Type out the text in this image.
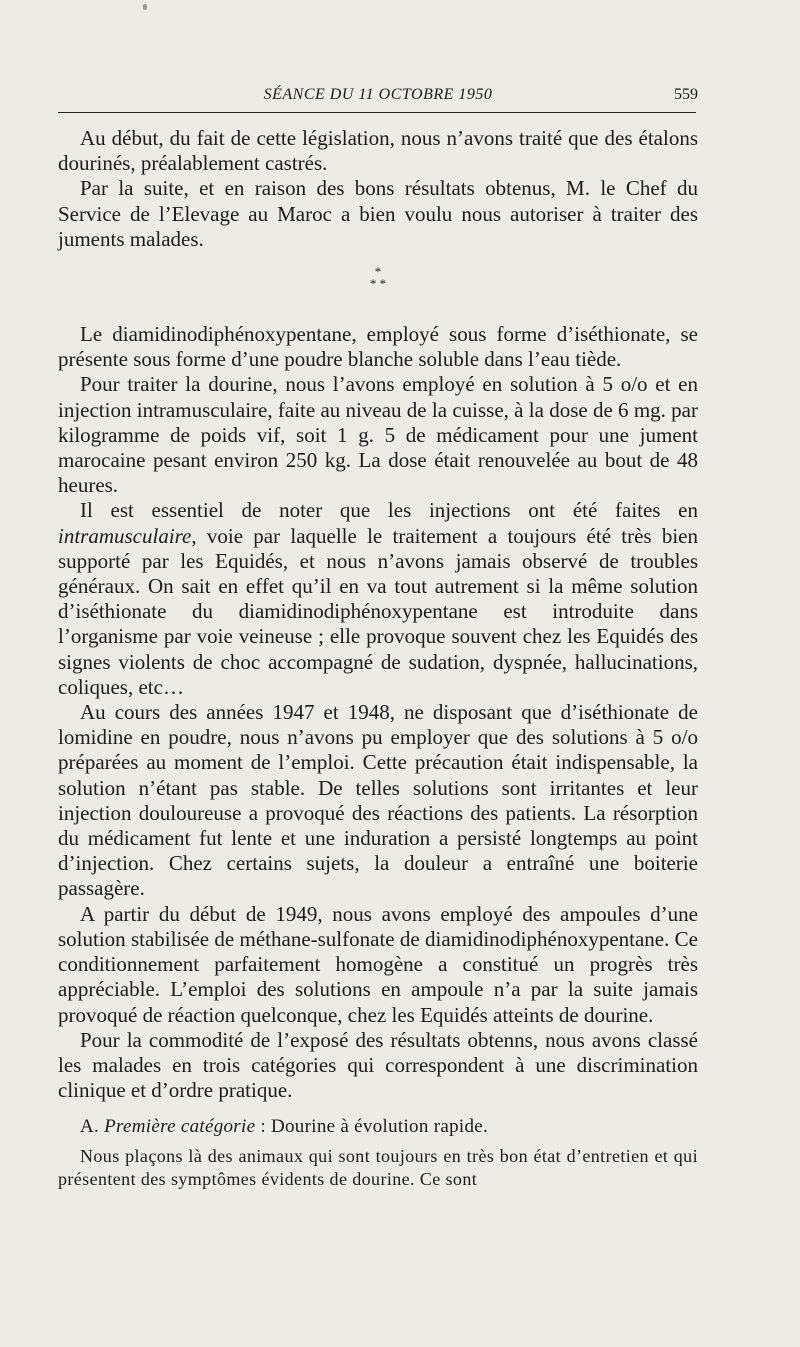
SÉANCE DU 11 OCTOBRE 1950	559

Au début, du fait de cette législation, nous n’avons traité que des étalons dourinés, préalablement castrés.

Par la suite, et en raison des bons résultats obtenus, M. le Chef du Service de l’Elevage au Maroc a bien voulu nous autoriser à traiter des juments malades.

*
* *

Le diamidinodiphénoxypentane, employé sous forme d’iséthionate, se présente sous forme d’une poudre blanche soluble dans l’eau tiède.

Pour traiter la dourine, nous l’avons employé en solution à 5 o/o et en injection intramusculaire, faite au niveau de la cuisse, à la dose de 6 mg. par kilogramme de poids vif, soit 1 g. 5 de médicament pour une jument marocaine pesant environ 250 kg. La dose était renouvelée au bout de 48 heures.

Il est essentiel de noter que les injections ont été faites en intramusculaire, voie par laquelle le traitement a toujours été très bien supporté par les Equidés, et nous n’avons jamais observé de troubles généraux. On sait en effet qu’il en va tout autrement si la même solution d’iséthionate du diamidinodiphénoxypentane est introduite dans l’organisme par voie veineuse ; elle provoque souvent chez les Equidés des signes violents de choc accompagné de sudation, dyspnée, hallucinations, coliques, etc…

Au cours des années 1947 et 1948, ne disposant que d’iséthionate de lomidine en poudre, nous n’avons pu employer que des solutions à 5 o/o préparées au moment de l’emploi. Cette précaution était indispensable, la solution n’étant pas stable. De telles solutions sont irritantes et leur injection douloureuse a provoqué des réactions des patients. La résorption du médicament fut lente et une induration a persisté longtemps au point d’injection. Chez certains sujets, la douleur a entraîné une boiterie passagère.

A partir du début de 1949, nous avons employé des ampoules d’une solution stabilisée de méthane-sulfonate de diamidinodiphénoxypentane. Ce conditionnement parfaitement homogène a constitué un progrès très appréciable. L’emploi des solutions en ampoule n’a par la suite jamais provoqué de réaction quelconque, chez les Equidés atteints de dourine.

Pour la commodité de l’exposé des résultats obtenns, nous avons classé les malades en trois catégories qui correspondent à une discrimination clinique et d’ordre pratique.

A. Première catégorie : Dourine à évolution rapide.
Nous plaçons là des animaux qui sont toujours en très bon état d’entretien et qui présentent des symptômes évidents de dourine. Ce sont
